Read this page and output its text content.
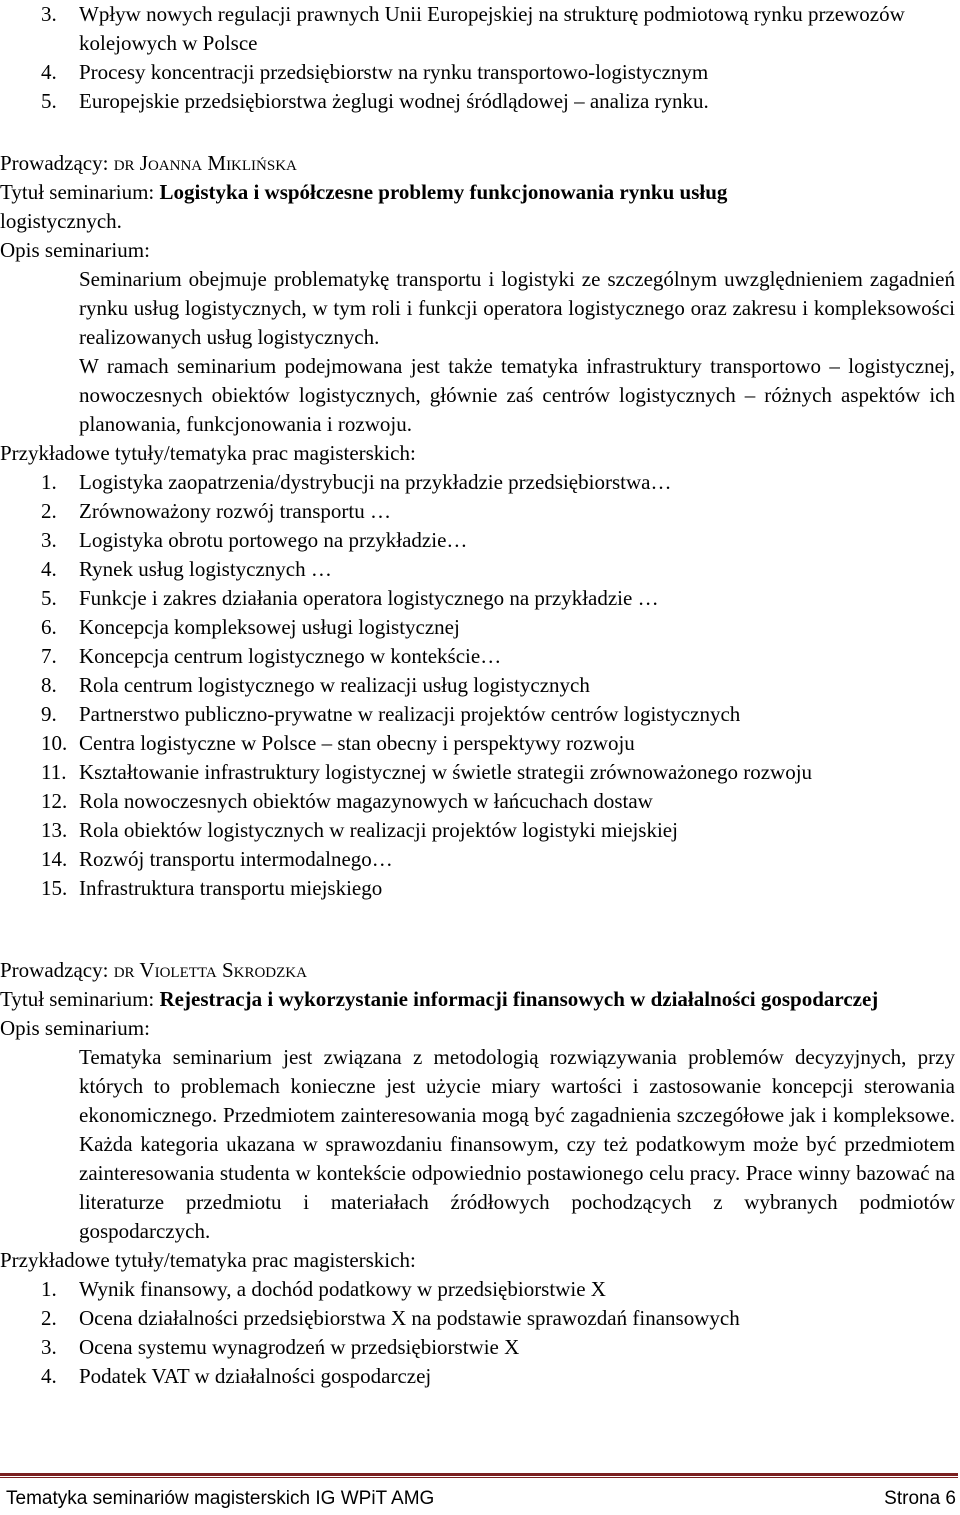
3. Wpływ nowych regulacji prawnych Unii Europejskiej na strukturę podmiotową rynku przewozów kolejowych w Polsce
4. Procesy koncentracji przedsiębiorstw na rynku transportowo-logistycznym
5. Europejskie przedsiębiorstwa żeglugi wodnej śródlądowej – analiza rynku.

Prowadzący: dr Joanna Miklińska

Tytuł seminarium: Logistyka i współczesne problemy funkcjonowania rynku usług

logistycznych.

Opis seminarium:

Seminarium obejmuje problematykę transportu i logistyki ze szczególnym uwzględnieniem zagadnień rynku usług logistycznych, w tym roli i funkcji operatora logistycznego oraz zakresu i kompleksowości realizowanych usług logistycznych.

W ramach seminarium podejmowana jest także tematyka infrastruktury transportowo – logistycznej, nowoczesnych obiektów logistycznych, głównie zaś centrów logistycznych – różnych aspektów ich planowania, funkcjonowania i rozwoju.

Przykładowe tytuły/tematyka prac magisterskich:

1. Logistyka zaopatrzenia/dystrybucji na przykładzie przedsiębiorstwa…
2. Zrównoważony rozwój transportu …
3. Logistyka obrotu portowego na przykładzie…
4. Rynek usług logistycznych …
5. Funkcje i zakres działania operatora logistycznego na przykładzie …
6. Koncepcja kompleksowej usługi logistycznej
7. Koncepcja centrum logistycznego w kontekście…
8. Rola centrum logistycznego w realizacji usług logistycznych
9. Partnerstwo publiczno-prywatne w realizacji projektów centrów logistycznych
10. Centra logistyczne w Polsce – stan obecny i perspektywy rozwoju
11. Kształtowanie infrastruktury logistycznej w świetle strategii zrównoważonego rozwoju
12. Rola nowoczesnych obiektów magazynowych w łańcuchach dostaw
13. Rola obiektów logistycznych w realizacji projektów logistyki miejskiej
14. Rozwój transportu intermodalnego…
15. Infrastruktura transportu miejskiego

Prowadzący: dr Violetta Skrodzka

Tytuł seminarium: Rejestracja i wykorzystanie informacji finansowych w działalności gospodarczej

Opis seminarium:

Tematyka seminarium jest związana z metodologią rozwiązywania problemów decyzyjnych, przy których to problemach konieczne jest użycie miary wartości i zastosowanie koncepcji sterowania ekonomicznego. Przedmiotem zainteresowania mogą być zagadnienia szczegółowe jak i kompleksowe. Każda kategoria ukazana w sprawozdaniu finansowym, czy też podatkowym może być przedmiotem zainteresowania studenta w kontekście odpowiednio postawionego celu pracy. Prace winny bazować na literaturze przedmiotu i materiałach źródłowych pochodzących z wybranych podmiotów gospodarczych.

Przykładowe tytuły/tematyka prac magisterskich:

1. Wynik finansowy, a dochód podatkowy w przedsiębiorstwie X
2. Ocena działalności przedsiębiorstwa X na podstawie sprawozdań finansowych
3. Ocena systemu wynagrodzeń w przedsiębiorstwie X
4. Podatek VAT w działalności gospodarczej
Tematyka seminariów magisterskich IG WPiT AMG	Strona 6
